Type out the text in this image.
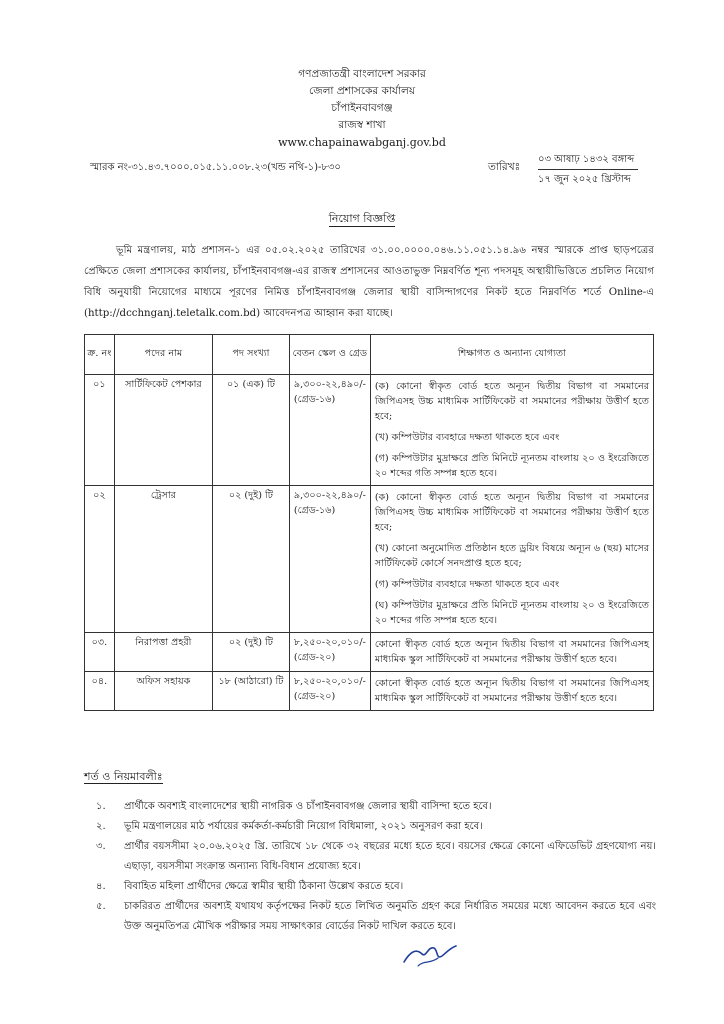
গণপ্রজাতন্ত্রী বাংলাদেশ সরকার
জেলা প্রশাসকের কার্যালয়
চাঁপাইনবাবগঞ্জ
রাজস্ব শাখা
www.chapainawabganj.gov.bd
স্মারক নং-৩১.৪৩.৭০০০.০১৫.১১.০০৮.২৩(খন্ড নথি-১)-৮৩০	তারিখঃ
০৩ আষাঢ় ১৪৩২ বঙ্গাব্দ
১৭ জুন ২০২৫ খ্রিস্টাব্দ
নিয়োগ বিজ্ঞপ্তি
ভূমি মন্ত্রণালয়, মাঠ প্রশাসন-১ এর ০৫.০২.২০২৫ তারিখের ৩১.০০.০০০০.০৪৬.১১.০৫১.১৪.৯৬ নম্বর স্মারকে প্রাপ্ত ছাড়পত্রের প্রেক্ষিতে জেলা প্রশাসকের কার্যালয়, চাঁপাইনবাবগঞ্জ-এর রাজস্ব প্রশাসনের আওতাভুক্ত নিম্নবর্ণিত শূন্য পদসমূহ অস্থায়ীভিত্তিতে প্রচলিত নিয়োগ বিধি অনুযায়ী নিয়োগের মাধ্যমে পূরণের নিমিত্ত চাঁপাইনবাবগঞ্জ জেলার স্থায়ী বাসিন্দাগণের নিকট হতে নিম্নবর্ণিত শর্তে Online-এ (http://dcchnganj.teletalk.com.bd) আবেদনপত্র আহ্বান করা যাচ্ছে।
ক্র. নং	পদের নাম	পদ সংখ্যা	বেতন স্কেল ও গ্রেড	শিক্ষাগত ও অন্যান্য যোগ্যতা
০১	সার্টিফিকেট পেশকার	০১ (এক) টি	৯,৩০০-২২,৪৯০/- (গ্রেড-১৬)	(ক) কোনো স্বীকৃত বোর্ড হতে অন্যূন দ্বিতীয় বিভাগ বা সমমানের জিপিএসহ উচ্চ মাধ্যমিক সার্টিফিকেট বা সমমানের পরীক্ষায় উত্তীর্ণ হতে হবে;
(খ) কম্পিউটার ব্যবহারে দক্ষতা থাকতে হবে এবং
(গ) কম্পিউটার মুদ্রাক্ষরে প্রতি মিনিটে ন্যূনতম বাংলায় ২০ ও ইংরেজিতে ২০ শব্দের গতি সম্পন্ন হতে হবে।

০২	ট্রেসার	০২ (দুই) টি	৯,৩০০-২২,৪৯০/- (গ্রেড-১৬)	(ক) কোনো স্বীকৃত বোর্ড হতে অন্যূন দ্বিতীয় বিভাগ বা সমমানের জিপিএসহ উচ্চ মাধ্যমিক সার্টিফিকেট বা সমমানের পরীক্ষায় উত্তীর্ণ হতে হবে;
(খ) কোনো অনুমোদিত প্রতিষ্ঠান হতে ড্রয়িং বিষয়ে অন্যূন ৬ (ছয়) মাসের সার্টিফিকেট কোর্সে সনদপ্রাপ্ত হতে হবে;
(গ) কম্পিউটার ব্যবহারে দক্ষতা থাকতে হবে এবং
(ঘ) কম্পিউটার মুদ্রাক্ষরে প্রতি মিনিটে ন্যূনতম বাংলায় ২০ ও ইংরেজিতে ২০ শব্দের গতি সম্পন্ন হতে হবে।

০৩.	নিরাপত্তা প্রহরী	০২ (দুই) টি	৮,২৫০-২০,০১০/- (গ্রেড-২০)	কোনো স্বীকৃত বোর্ড হতে অন্যূন দ্বিতীয় বিভাগ বা সমমানের জিপিএসহ মাধ্যমিক স্কুল সার্টিফিকেট বা সমমানের পরীক্ষায় উত্তীর্ণ হতে হবে।

০৪.	অফিস সহায়ক	১৮ (আঠারো) টি	৮,২৫০-২০,০১০/- (গ্রেড-২০)	কোনো স্বীকৃত বোর্ড হতে অন্যূন দ্বিতীয় বিভাগ বা সমমানের জিপিএসহ মাধ্যমিক স্কুল সার্টিফিকেট বা সমমানের পরীক্ষায় উত্তীর্ণ হতে হবে।
শর্ত ও নিয়মাবলীঃ
১.	প্রার্থীকে অবশ্যই বাংলাদেশের স্থায়ী নাগরিক ও চাঁপাইনবাবগঞ্জ জেলার স্থায়ী বাসিন্দা হতে হবে।
২.	ভূমি মন্ত্রণালয়ের মাঠ পর্যায়ের কর্মকর্তা-কর্মচারী নিয়োগ বিধিমালা, ২০২১ অনুসরণ করা হবে।
৩.	প্রার্থীর বয়সসীমা ২০.০৬.২০২৫ খ্রি. তারিখে ১৮ থেকে ৩২ বছরের মধ্যে হতে হবে। বয়সের ক্ষেত্রে কোনো এফিডেভিট গ্রহণযোগ্য নয়। এছাড়া, বয়সসীমা সংক্রান্ত অন্যান্য বিধি-বিধান প্রযোজ্য হবে।
৪.	বিবাহিত মহিলা প্রার্থীদের ক্ষেত্রে স্বামীর স্থায়ী ঠিকানা উল্লেখ করতে হবে।
৫.	চাকরিরত প্রার্থীদের অবশ্যই যথাযথ কর্তৃপক্ষের নিকট হতে লিখিত অনুমতি গ্রহণ করে নির্ধারিত সময়ের মধ্যে আবেদন করতে হবে এবং উক্ত অনুমতিপত্র মৌখিক পরীক্ষার সময় সাক্ষাৎকার বোর্ডের নিকট দাখিল করতে হবে।
